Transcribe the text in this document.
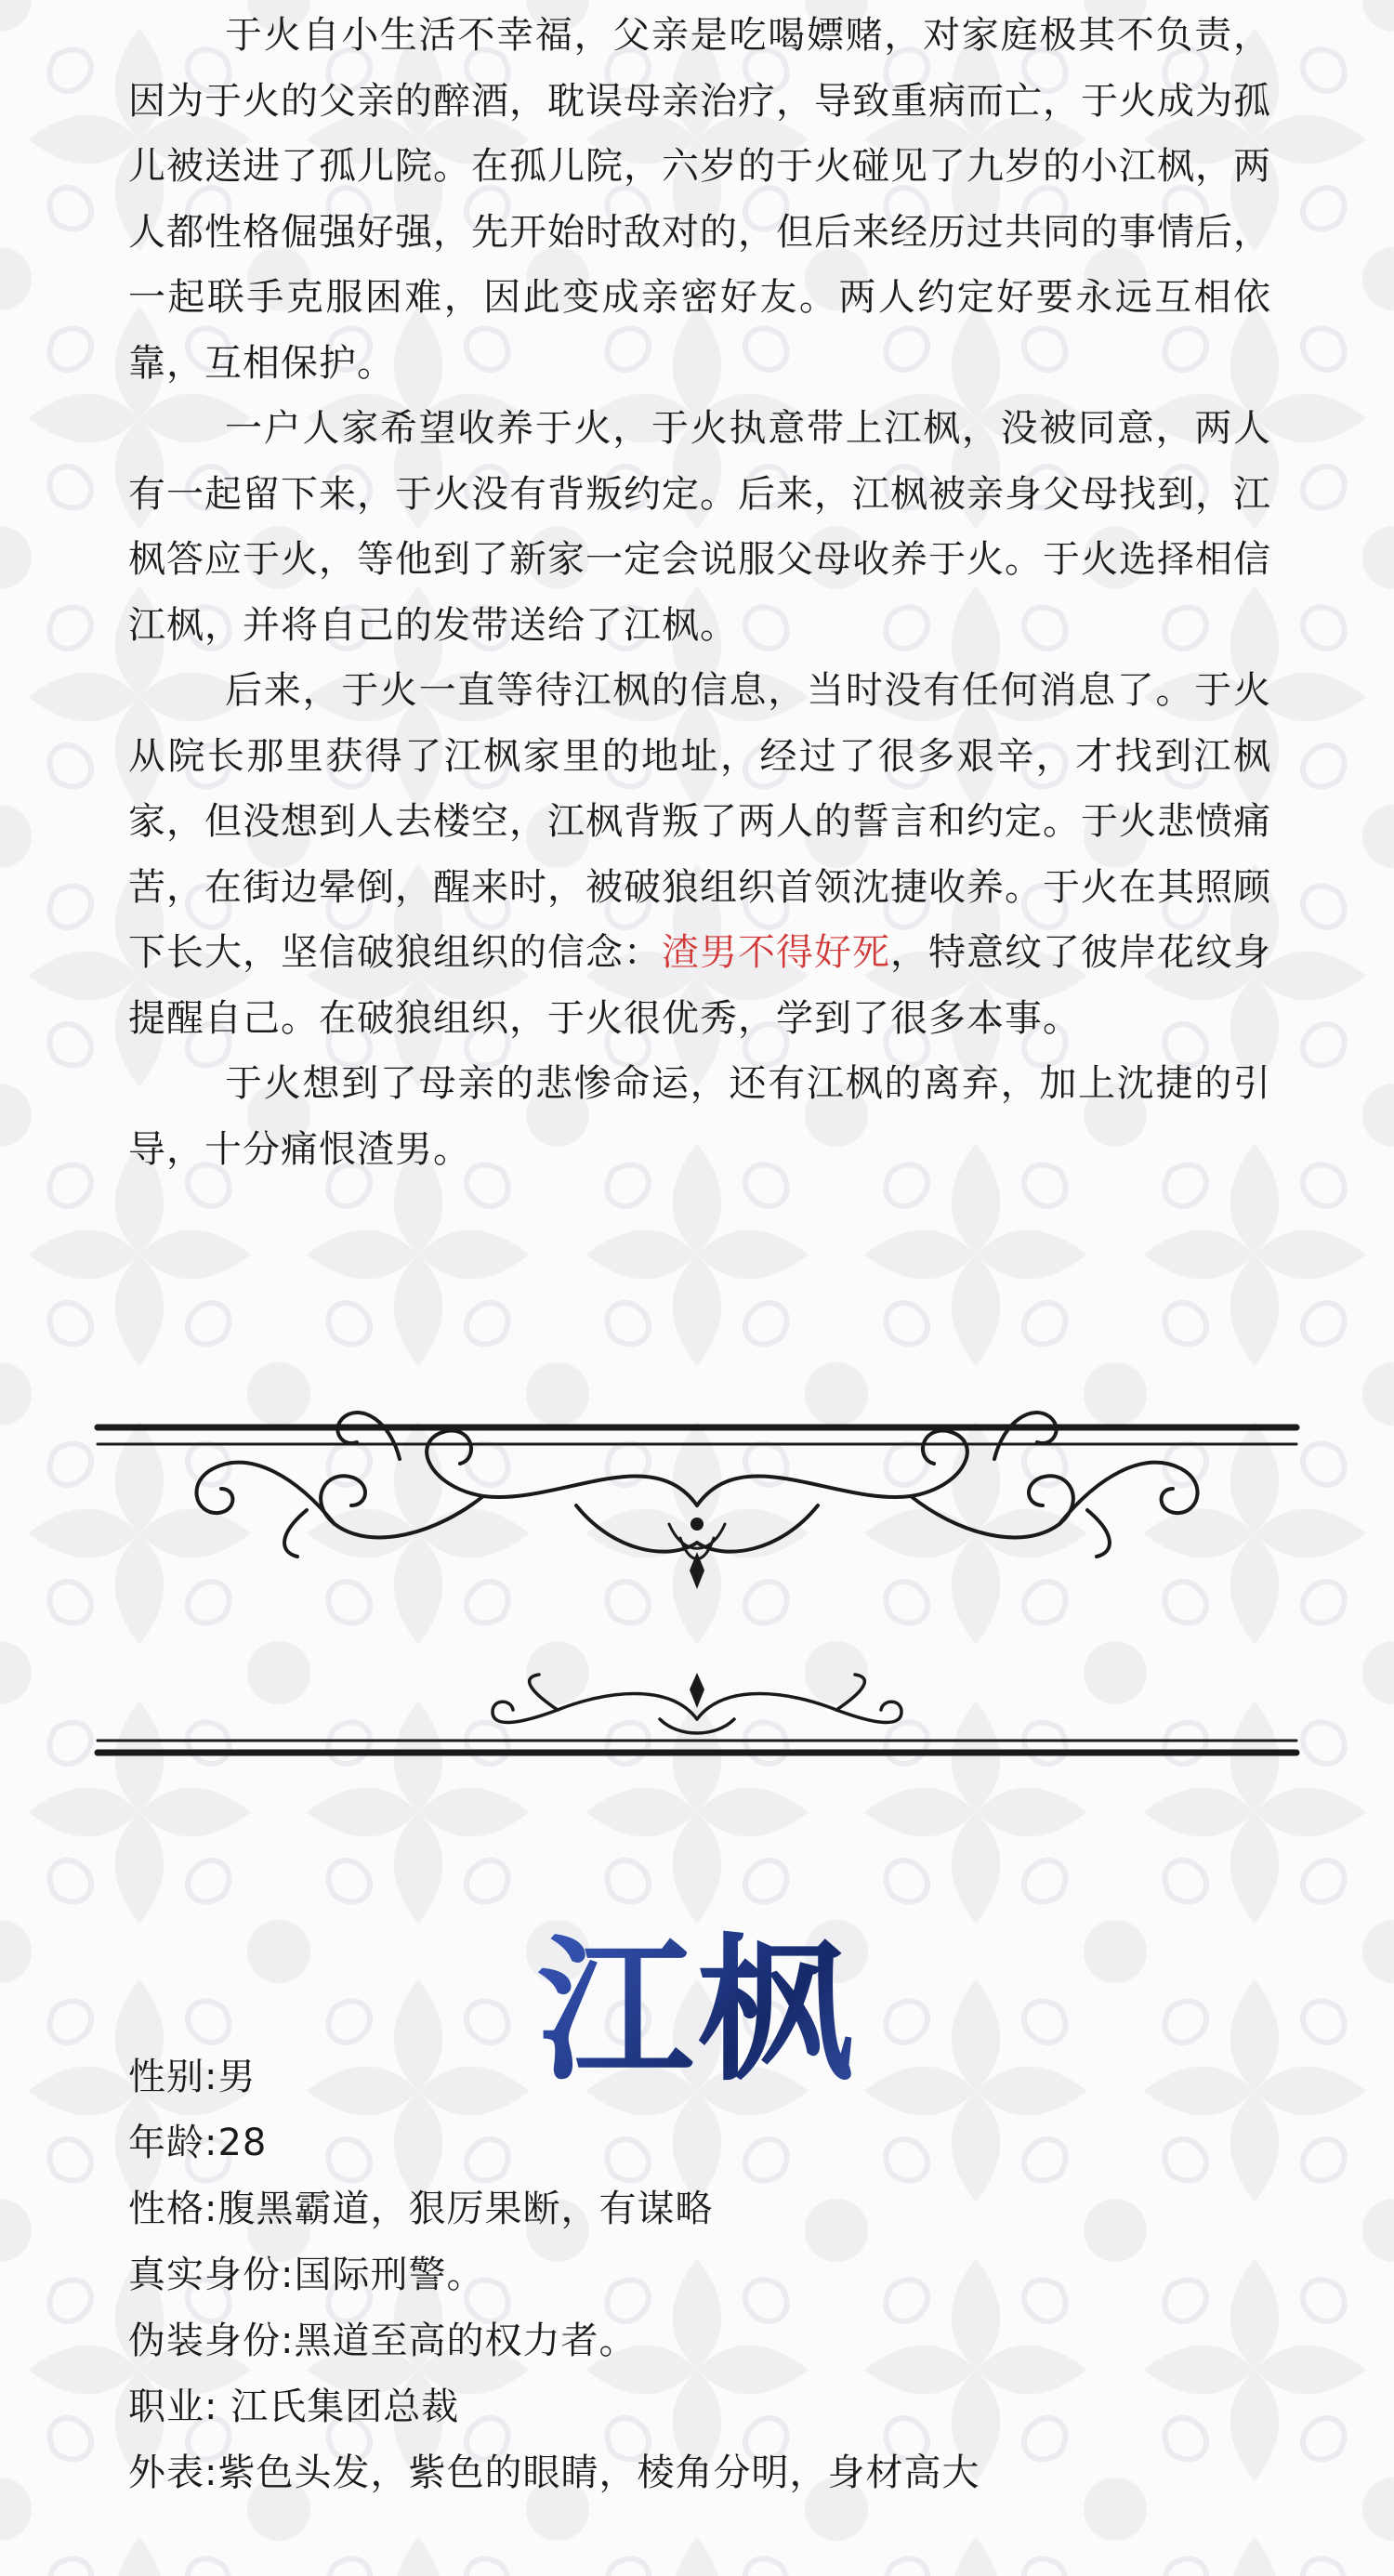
于火自小生活不幸福，父亲是吃喝嫖赌，对家庭极其不负责，因为于火的父亲的醉酒，耽误母亲治疗，导致重病而亡，于火成为孤儿被送进了孤儿院。在孤儿院，六岁的于火碰见了九岁的小江枫，两人都性格倔强好强，先开始时敌对的，但后来经历过共同的事情后，一起联手克服困难，因此变成亲密好友。两人约定好要永远互相依靠，互相保护。

一户人家希望收养于火，于火执意带上江枫，没被同意，两人有一起留下来，于火没有背叛约定。后来，江枫被亲身父母找到，江枫答应于火，等他到了新家一定会说服父母收养于火。于火选择相信江枫，并将自己的发带送给了江枫。

后来，于火一直等待江枫的信息，当时没有任何消息了。于火从院长那里获得了江枫家里的地址，经过了很多艰辛，才找到江枫家，但没想到人去楼空，江枫背叛了两人的誓言和约定。于火悲愤痛苦，在街边晕倒，醒来时，被破狼组织首领沈捷收养。于火在其照顾下长大，坚信破狼组织的信念：渣男不得好死，特意纹了彼岸花纹身提醒自己。在破狼组织，于火很优秀，学到了很多本事。

于火想到了母亲的悲惨命运，还有江枫的离弃，加上沈捷的引导，十分痛恨渣男。

江枫
性别:男
年龄:28
性格:腹黑霸道，狠厉果断，有谋略
真实身份:国际刑警。
伪装身份:黑道至高的权力者。
职业: 江氏集团总裁
外表:紫色头发，紫色的眼睛，棱角分明，身材高大
